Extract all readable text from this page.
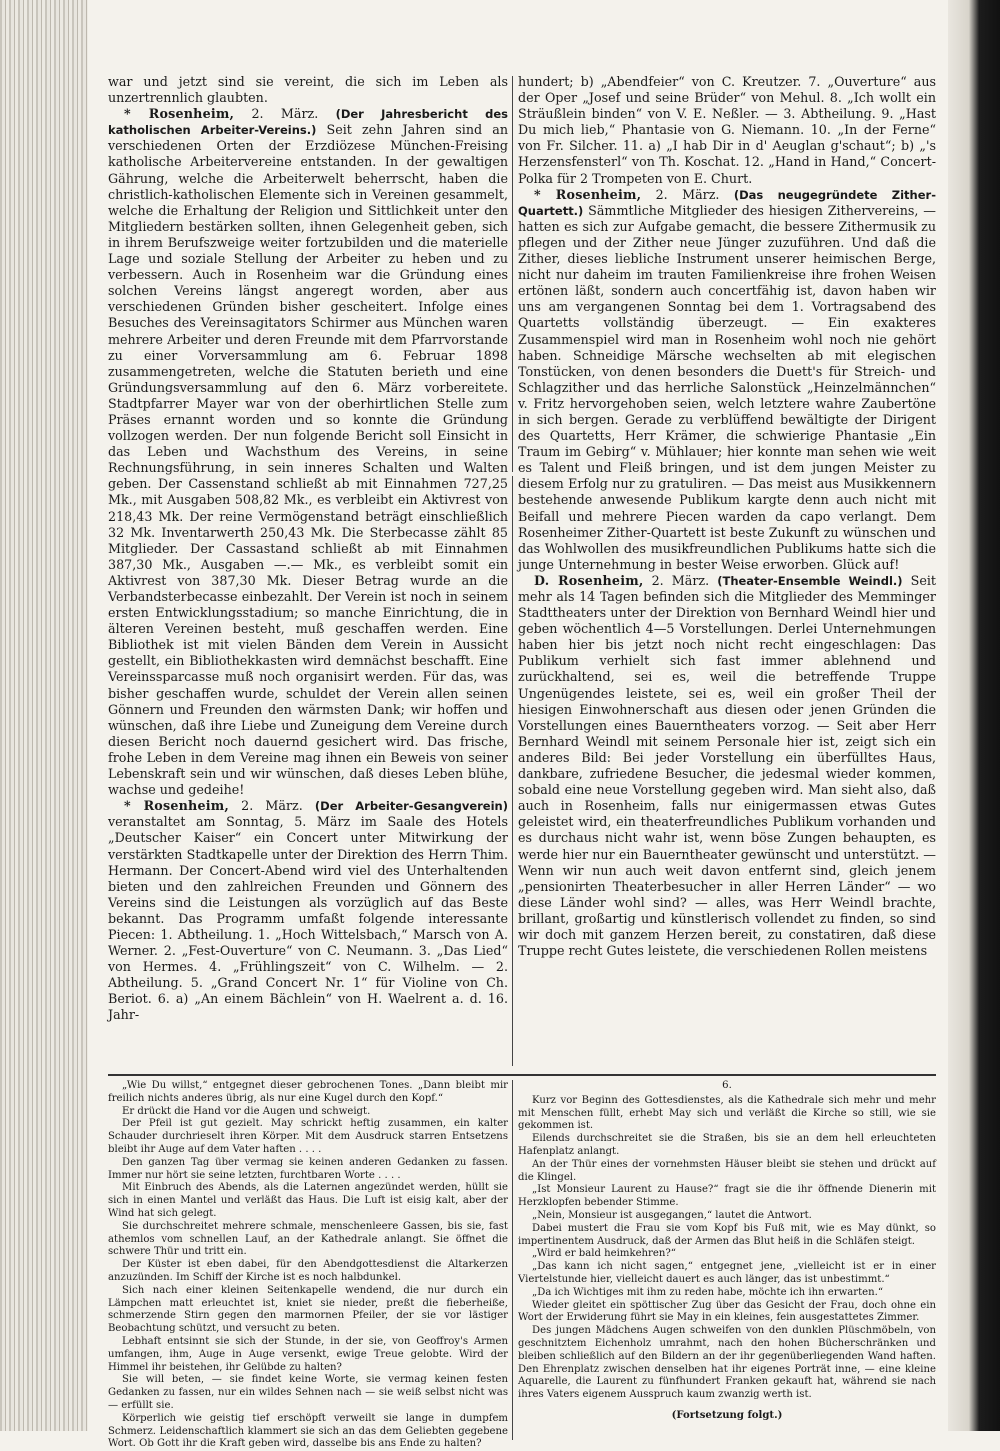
war und jetzt sind sie vereint, die sich im Leben als unzertrennlich glaubten.

* Rosenheim, 2. März. (Der Jahresbericht des katholischen Arbeiter-Vereins.) Seit zehn Jahren sind an verschiedenen Orten der Erzdiözese München-Freising katholische Arbeitervereine entstanden. In der gewaltigen Gährung, welche die Arbeiterwelt beherrscht, haben die christlich-katholischen Elemente sich in Vereinen gesammelt, welche die Erhaltung der Religion und Sittlichkeit unter den Mitgliedern bestärken sollten, ihnen Gelegenheit geben, sich in ihrem Berufszweige weiter fortzubilden und die materielle Lage und soziale Stellung der Arbeiter zu heben und zu verbessern. Auch in Rosenheim war die Gründung eines solchen Vereins längst angeregt worden, aber aus verschiedenen Gründen bisher gescheitert. Infolge eines Besuches des Vereinsagitators Schirmer aus München waren mehrere Arbeiter und deren Freunde mit dem Pfarrvorstande zu einer Vorversammlung am 6. Februar 1898 zusammengetreten, welche die Statuten berieth und eine Gründungsversammlung auf den 6. März vorbereitete. Stadtpfarrer Mayer war von der oberhirtlichen Stelle zum Präses ernannt worden und so konnte die Gründung vollzogen werden. Der nun folgende Bericht soll Einsicht in das Leben und Wachsthum des Vereins, in seine Rechnungsführung, in sein inneres Schalten und Walten geben. Der Cassenstand schließt ab mit Einnahmen 727,25 Mk., mit Ausgaben 508,82 Mk., es verbleibt ein Aktivrest von 218,43 Mk. Der reine Vermögenstand beträgt einschließlich 32 Mk. Inventarwerth 250,43 Mk. Die Sterbecasse zählt 85 Mitglieder. Der Cassastand schließt ab mit Einnahmen 387,30 Mk., Ausgaben —.— Mk., es verbleibt somit ein Aktivrest von 387,30 Mk. Dieser Betrag wurde an die Verbandsterbecasse einbezahlt. Der Verein ist noch in seinem ersten Entwicklungsstadium; so manche Einrichtung, die in älteren Vereinen besteht, muß geschaffen werden. Eine Bibliothek ist mit vielen Bänden dem Verein in Aussicht gestellt, ein Bibliothekkasten wird demnächst beschafft. Eine Vereinssparcasse muß noch organisirt werden. Für das, was bisher geschaffen wurde, schuldet der Verein allen seinen Gönnern und Freunden den wärmsten Dank; wir hoffen und wünschen, daß ihre Liebe und Zuneigung dem Vereine durch diesen Bericht noch dauernd gesichert wird. Das frische, frohe Leben in dem Vereine mag ihnen ein Beweis von seiner Lebenskraft sein und wir wünschen, daß dieses Leben blühe, wachse und gedeihe!

* Rosenheim, 2. März. (Der Arbeiter-Gesangverein) veranstaltet am Sonntag, 5. März im Saale des Hotels „Deutscher Kaiser“ ein Concert unter Mitwirkung der verstärkten Stadtkapelle unter der Direktion des Herrn Thim. Hermann. Der Concert-Abend wird viel des Unterhaltenden bieten und den zahlreichen Freunden und Gönnern des Vereins sind die Leistungen als vorzüglich auf das Beste bekannt. Das Programm umfaßt folgende interessante Piecen: 1. Abtheilung. 1. „Hoch Wittelsbach,“ Marsch von A. Werner. 2. „Fest-Ouverture“ von C. Neumann. 3. „Das Lied“ von Hermes. 4. „Frühlingszeit“ von C. Wilhelm. — 2. Abtheilung. 5. „Grand Concert Nr. 1“ für Violine von Ch. Beriot. 6. a) „An einem Bächlein“ von H. Waelrent a. d. 16. Jahr-

hundert; b) „Abendfeier“ von C. Kreutzer. 7. „Ouverture“ aus der Oper „Josef und seine Brüder“ von Mehul. 8. „Ich wollt ein Sträußlein binden“ von V. E. Neßler. — 3. Abtheilung. 9. „Hast Du mich lieb,“ Phantasie von G. Niemann. 10. „In der Ferne“ von Fr. Silcher. 11. a) „I hab Dir in d' Aeuglan g'schaut“; b) „'s Herzensfensterl“ von Th. Koschat. 12. „Hand in Hand,“ Concert-Polka für 2 Trompeten von E. Churt.

* Rosenheim, 2. März. (Das neugegründete Zither-Quartett.) Sämmtliche Mitglieder des hiesigen Zithervereins, — hatten es sich zur Aufgabe gemacht, die bessere Zithermusik zu pflegen und der Zither neue Jünger zuzuführen. Und daß die Zither, dieses liebliche Instrument unserer heimischen Berge, nicht nur daheim im trauten Familienkreise ihre frohen Weisen ertönen läßt, sondern auch concertfähig ist, davon haben wir uns am vergangenen Sonntag bei dem 1. Vortragsabend des Quartetts vollständig überzeugt. — Ein exakteres Zusammenspiel wird man in Rosenheim wohl noch nie gehört haben. Schneidige Märsche wechselten ab mit elegischen Tonstücken, von denen besonders die Duett's für Streich- und Schlagzither und das herrliche Salonstück „Heinzelmännchen“ v. Fritz hervorgehoben seien, welch letztere wahre Zaubertöne in sich bergen. Gerade zu verblüffend bewältigte der Dirigent des Quartetts, Herr Krämer, die schwierige Phantasie „Ein Traum im Gebirg“ v. Mühlauer; hier konnte man sehen wie weit es Talent und Fleiß bringen, und ist dem jungen Meister zu diesem Erfolg nur zu gratuliren. — Das meist aus Musikkennern bestehende anwesende Publikum kargte denn auch nicht mit Beifall und mehrere Piecen warden da capo verlangt. Dem Rosenheimer Zither-Quartett ist beste Zukunft zu wünschen und das Wohlwollen des musikfreundlichen Publikums hatte sich die junge Unternehmung in bester Weise erworben. Glück auf!

D. Rosenheim, 2. März. (Theater-Ensemble Weindl.) Seit mehr als 14 Tagen befinden sich die Mitglieder des Memminger Stadttheaters unter der Direktion von Bernhard Weindl hier und geben wöchentlich 4—5 Vorstellungen. Derlei Unternehmungen haben hier bis jetzt noch nicht recht eingeschlagen: Das Publikum verhielt sich fast immer ablehnend und zurückhaltend, sei es, weil die betreffende Truppe Ungenügendes leistete, sei es, weil ein großer Theil der hiesigen Einwohnerschaft aus diesen oder jenen Gründen die Vorstellungen eines Bauerntheaters vorzog. — Seit aber Herr Bernhard Weindl mit seinem Personale hier ist, zeigt sich ein anderes Bild: Bei jeder Vorstellung ein überfülltes Haus, dankbare, zufriedene Besucher, die jedesmal wieder kommen, sobald eine neue Vorstellung gegeben wird. Man sieht also, daß auch in Rosenheim, falls nur einigermassen etwas Gutes geleistet wird, ein theaterfreundliches Publikum vorhanden und es durchaus nicht wahr ist, wenn böse Zungen behaupten, es werde hier nur ein Bauerntheater gewünscht und unterstützt. — Wenn wir nun auch weit davon entfernt sind, gleich jenem „pensionirten Theaterbesucher in aller Herren Länder“ — wo diese Länder wohl sind? — alles, was Herr Weindl brachte, brillant, großartig und künstlerisch vollendet zu finden, so sind wir doch mit ganzem Herzen bereit, zu constatiren, daß diese Truppe recht Gutes leistete, die verschiedenen Rollen meistens

„Wie Du willst,“ entgegnet dieser gebrochenen Tones. „Dann bleibt mir freilich nichts anderes übrig, als nur eine Kugel durch den Kopf.“

Er drückt die Hand vor die Augen und schweigt.

Der Pfeil ist gut gezielt. May schrickt heftig zusammen, ein kalter Schauder durchrieselt ihren Körper. Mit dem Ausdruck starren Entsetzens bleibt ihr Auge auf dem Vater haften . . . .

Den ganzen Tag über vermag sie keinen anderen Gedanken zu fassen. Immer nur hört sie seine letzten, furchtbaren Worte . . . .

Mit Einbruch des Abends, als die Laternen angezündet werden, hüllt sie sich in einen Mantel und verläßt das Haus. Die Luft ist eisig kalt, aber der Wind hat sich gelegt.

Sie durchschreitet mehrere schmale, menschenleere Gassen, bis sie, fast athemlos vom schnellen Lauf, an der Kathedrale anlangt. Sie öffnet die schwere Thür und tritt ein.

Der Küster ist eben dabei, für den Abendgottesdienst die Altarkerzen anzuzünden. Im Schiff der Kirche ist es noch halbdunkel.

Sich nach einer kleinen Seitenkapelle wendend, die nur durch ein Lämpchen matt erleuchtet ist, kniet sie nieder, preßt die fieberheiße, schmerzende Stirn gegen den marmornen Pfeiler, der sie vor lästiger Beobachtung schützt, und versucht zu beten.

Lebhaft entsinnt sie sich der Stunde, in der sie, von Geoffroy's Armen umfangen, ihm, Auge in Auge versenkt, ewige Treue gelobte. Wird der Himmel ihr beistehen, ihr Gelübde zu halten?

Sie will beten, — sie findet keine Worte, sie vermag keinen festen Gedanken zu fassen, nur ein wildes Sehnen nach — sie weiß selbst nicht was — erfüllt sie.

Körperlich wie geistig tief erschöpft verweilt sie lange in dumpfem Schmerz. Leidenschaftlich klammert sie sich an das dem Geliebten gegebene Wort. Ob Gott ihr die Kraft geben wird, dasselbe bis ans Ende zu halten?

6.

Kurz vor Beginn des Gottesdienstes, als die Kathedrale sich mehr und mehr mit Menschen füllt, erhebt May sich und verläßt die Kirche so still, wie sie gekommen ist.

Eilends durchschreitet sie die Straßen, bis sie an dem hell erleuchteten Hafenplatz anlangt.

An der Thür eines der vornehmsten Häuser bleibt sie stehen und drückt auf die Klingel.

„Ist Monsieur Laurent zu Hause?“ fragt sie die ihr öffnende Dienerin mit Herzklopfen bebender Stimme.

„Nein, Monsieur ist ausgegangen,“ lautet die Antwort.

Dabei mustert die Frau sie vom Kopf bis Fuß mit, wie es May dünkt, so impertinentem Ausdruck, daß der Armen das Blut heiß in die Schläfen steigt.

„Wird er bald heimkehren?“

„Das kann ich nicht sagen,“ entgegnet jene, „vielleicht ist er in einer Viertelstunde hier, vielleicht dauert es auch länger, das ist unbestimmt.“

„Da ich Wichtiges mit ihm zu reden habe, möchte ich ihn erwarten.“

Wieder gleitet ein spöttischer Zug über das Gesicht der Frau, doch ohne ein Wort der Erwiderung führt sie May in ein kleines, fein ausgestattetes Zimmer.

Des jungen Mädchens Augen schweifen von den dunklen Plüschmöbeln, von geschnitztem Eichenholz umrahmt, nach den hohen Bücherschränken und bleiben schließlich auf den Bildern an der ihr gegenüberliegenden Wand haften. Den Ehrenplatz zwischen denselben hat ihr eigenes Porträt inne, — eine kleine Aquarelle, die Laurent zu fünfhundert Franken gekauft hat, während sie nach ihres Vaters eigenem Ausspruch kaum zwanzig werth ist.

(Fortsetzung folgt.)
